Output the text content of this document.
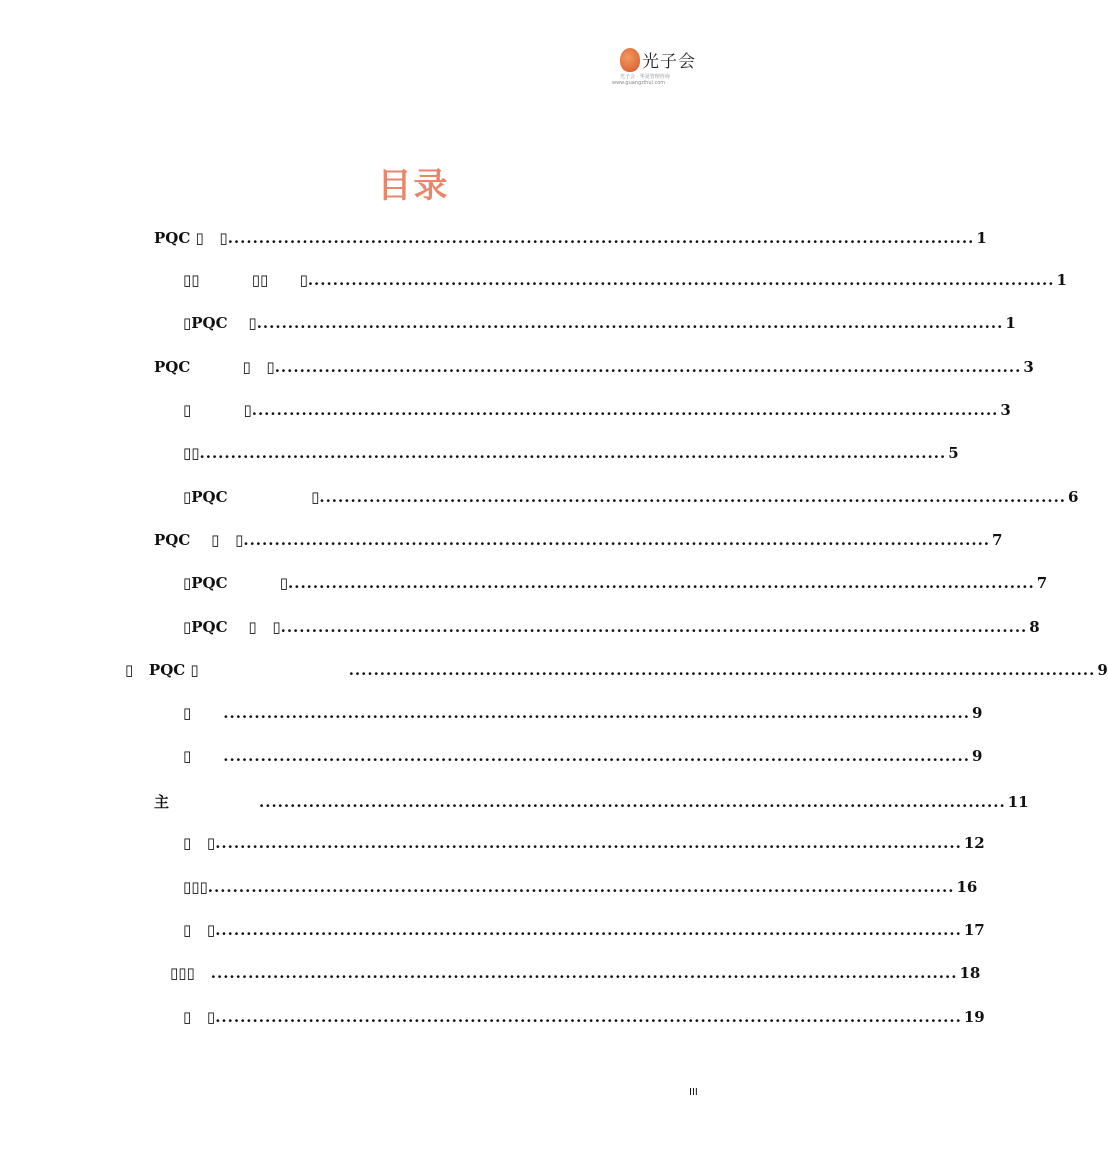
光子会
光子会 · 华夏管理咨询
www.guangzihui.com
目录
PQC ▯   ▯ ........................................................................................................................ 1
▯▯          ▯▯      ▯ ........................................................................................................................ 1
▯PQC    ▯ ........................................................................................................................ 1
PQC          ▯   ▯ ........................................................................................................................ 3
▯          ▯ ........................................................................................................................ 3
▯▯ ........................................................................................................................ 5
▯PQC                ▯ ........................................................................................................................ 6
PQC    ▯   ▯ ........................................................................................................................ 7
▯PQC          ▯ ........................................................................................................................ 7
▯PQC    ▯   ▯ ........................................................................................................................ 8
▯   PQC ▯	........................................................................................................................ 9
▯ ........................................................................................................................ 9
▯ ........................................................................................................................ 9
主	........................................................................................................................ 11
▯   ▯ ........................................................................................................................ 12
▯▯▯ ........................................................................................................................ 16
▯   ▯ ........................................................................................................................ 17
▯▯▯ ........................................................................................................................ 18
▯   ▯ ........................................................................................................................ 19
III
